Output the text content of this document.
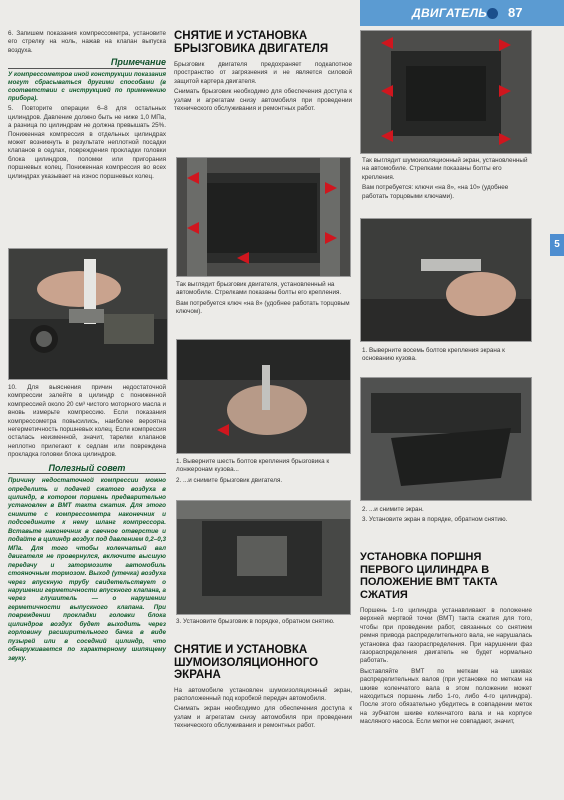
ДВИГАТЕЛЬ 87
5

6. Запишем показания компрессометра, установите его стрелку на ноль, нажав на клапан выпуска воздуха.

Примечание

У компрессометров иной конструкции показания могут сбрасываться другими способами (в соответствии с инструкцией по применению прибора).

5. Повторите операции 6–8 для остальных цилиндров. Давление должно быть не ниже 1,0 МПа, а разница по цилиндрам не должна превышать 25%. Пониженная компрессия в отдельных цилиндрах может возникнуть в результате неплотной посадки клапанов в седлах, повреждения прокладки головки блока цилиндров, поломки или пригорания поршневых колец. Пониженная компрессия во всех цилиндрах указывает на износ поршневых колец.

10. Для выяснения причин недостаточной компрессии залейте в цилиндр с пониженной компрессией около 20 см³ чистого моторного масла и вновь измерьте компрессию. Если показания компрессометра повысились, наиболее вероятна негерметичность поршневых колец. Если компрессия осталась неизменной, значит, тарелки клапанов неплотно прилегают к седлам или повреждена прокладка головки блока цилиндров.

Полезный совет

Причину недостаточной компрессии можно определить и подачей сжатого воздуха в цилиндр, в котором поршень предварительно установлен в ВМТ такта сжатия. Для этого снимите с компрессометра наконечник и подсоедините к нему шланг компрессора. Вставьте наконечник в свечное отверстие и подайте в цилиндр воздух под давлением 0,2–0,3 МПа. Для того чтобы коленчатый вал двигателя не провернулся, включите высшую передачу и затормозите автомобиль стояночным тормозом. Выход (утечка) воздуха через впускную трубу свидетельствует о нарушении герметичности впускного клапана, а через глушитель — о нарушении герметичности выпускного клапана. При повреждении прокладки головки блока цилиндров воздух будет выходить через горловину расширительного бачка в виде пузырей или в соседний цилиндр, что обнаруживается по характерному шипящему звуку.

СНЯТИЕ И УСТАНОВКА БРЫЗГОВИКА ДВИГАТЕЛЯ

Брызговик двигателя предохраняет подкапотное пространство от загрязнения и не является силовой защитой картера двигателя.

Снимать брызговик необходимо для обеспечения доступа к узлам и агрегатам снизу автомобиля при проведении технического обслуживания и ремонтных работ.

Так выглядит брызговик двигателя, установленный на автомобиле. Стрелками показаны болты его крепления.

Вам потребуется ключ «на 8» (удобнее работать торцовым ключом).

1. Выверните шесть болтов крепления брызговика к лонжеронам кузова...

2. ...и снимите брызговик двигателя.

3. Установите брызговик в порядке, обратном снятию.

СНЯТИЕ И УСТАНОВКА ШУМОИЗОЛЯЦИОННОГО ЭКРАНА

На автомобиле установлен шумоизоляционный экран, расположенный под коробкой передач автомобиля.

Снимать экран необходимо для обеспечения доступа к узлам и агрегатам снизу автомобиля при проведении технического обслуживания и ремонтных работ.

Так выглядит шумоизоляционный экран, установленный на автомобиле. Стрелками показаны болты его крепления.

Вам потребуется: ключи «на 8», «на 10» (удобнее работать торцовыми ключами).

1. Выверните восемь болтов крепления экрана к основанию кузова.

2. ...и снимите экран.

3. Установите экран в порядке, обратном снятию.

УСТАНОВКА ПОРШНЯ ПЕРВОГО ЦИЛИНДРА В ПОЛОЖЕНИЕ ВМТ ТАКТА СЖАТИЯ

Поршень 1-го цилиндра устанавливают в положение верхней мертвой точки (ВМТ) такта сжатия для того, чтобы при проведении работ, связанных со снятием ремня привода распределительного вала, не нарушалась установка фаз газораспределения. При нарушении фаз газораспределения двигатель не будет нормально работать.

Выставляйте ВМТ по меткам на шкивах распределительных валов (при установке по меткам на шкиве коленчатого вала в этом положении может находиться поршень либо 1-го, либо 4-го цилиндра). После этого обязательно убедитесь в совпадении меток на зубчатом шкиве коленчатого вала и на корпусе масляного насоса. Если метки не совпадают, значит,
